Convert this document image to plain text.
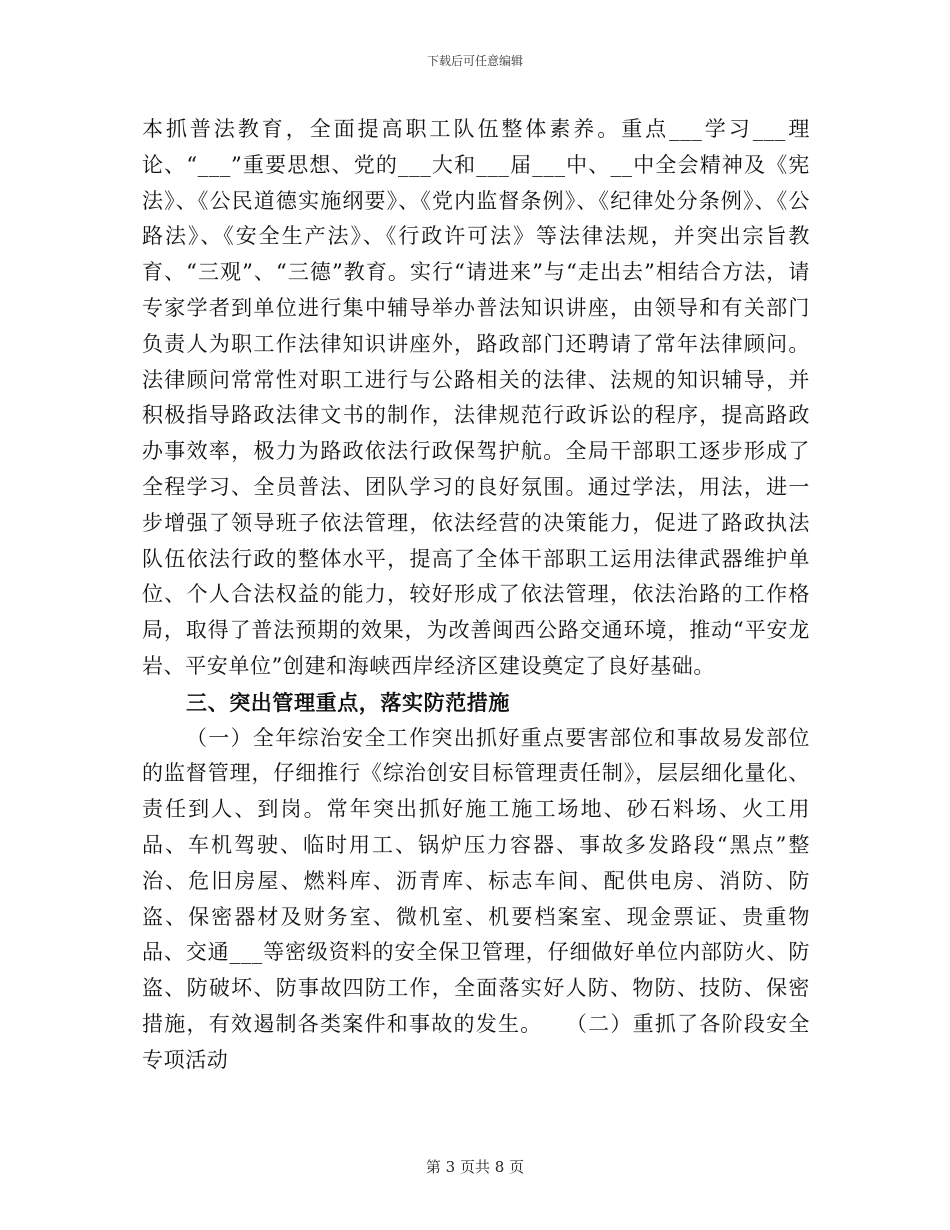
下载后可任意编辑

本抓普法教育，全面提高职工队伍整体素养。重点___学习___理论、“___”重要思想、党的___大和___届___中、__中全会精神及《宪法》、《公民道德实施纲要》、《党内监督条例》、《纪律处分条例》、《公路法》、《安全生产法》、《行政许可法》等法律法规，并突出宗旨教育、“三观”、“三德”教育。实行“请进来”与“走出去”相结合方法，请专家学者到单位进行集中辅导举办普法知识讲座，由领导和有关部门负责人为职工作法律知识讲座外，路政部门还聘请了常年法律顾问。法律顾问常常性对职工进行与公路相关的法律、法规的知识辅导，并积极指导路政法律文书的制作，法律规范行政诉讼的程序，提高路政办事效率，极力为路政依法行政保驾护航。全局干部职工逐步形成了全程学习、全员普法、团队学习的良好氛围。通过学法，用法，进一步增强了领导班子依法管理，依法经营的决策能力，促进了路政执法队伍依法行政的整体水平，提高了全体干部职工运用法律武器维护单位、个人合法权益的能力，较好形成了依法管理，依法治路的工作格局，取得了普法预期的效果，为改善闽西公路交通环境，推动“平安龙岩、平安单位”创建和海峡西岸经济区建设奠定了良好基础。

三、突出管理重点，落实防范措施

（一）全年综治安全工作突出抓好重点要害部位和事故易发部位的监督管理，仔细推行《综治创安目标管理责任制》，层层细化量化、责任到人、到岗。常年突出抓好施工施工场地、砂石料场、火工用品、车机驾驶、临时用工、锅炉压力容器、事故多发路段“黑点”整治、危旧房屋、燃料库、沥青库、标志车间、配供电房、消防、防盗、保密器材及财务室、微机室、机要档案室、现金票证、贵重物品、交通___等密级资料的安全保卫管理，仔细做好单位内部防火、防盗、防破坏、防事故四防工作，全面落实好人防、物防、技防、保密措施，有效遏制各类案件和事故的发生。　　（二）重抓了各阶段安全专项活动

第 3 页共 8 页
